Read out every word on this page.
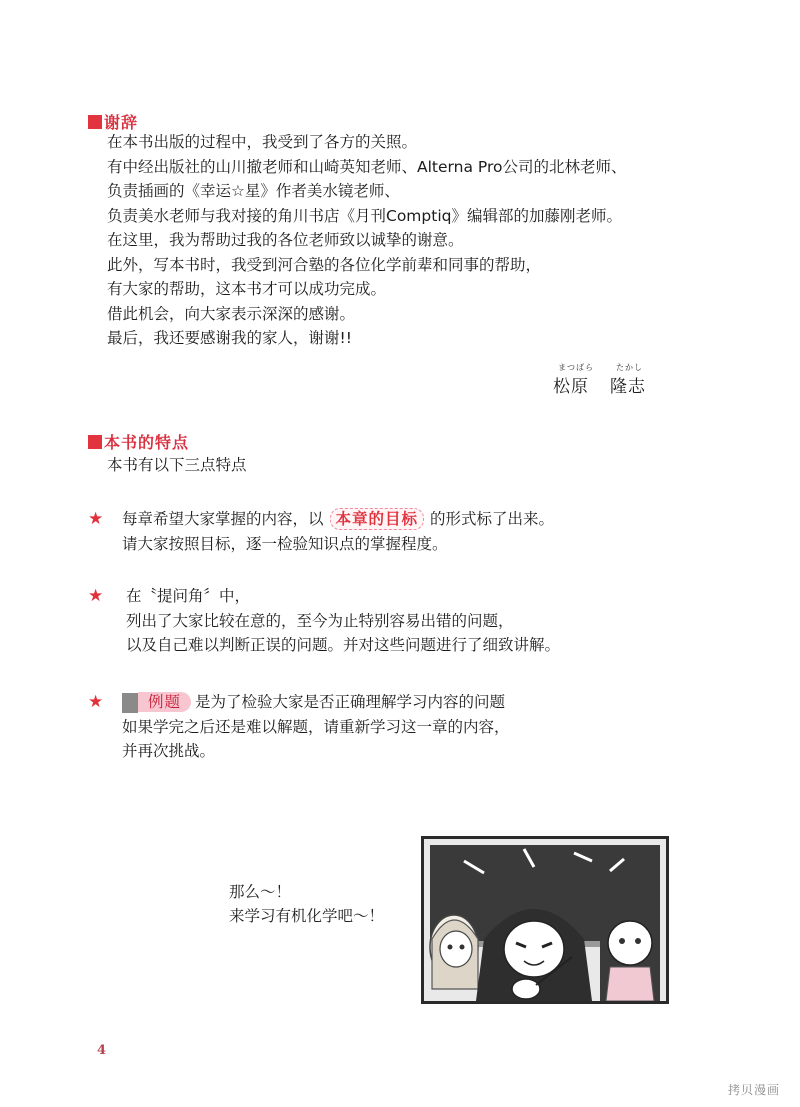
谢辞
在本书出版的过程中，我受到了各方的关照。
有中经出版社的山川撤老师和山崎英知老师、Alterna Pro公司的北林老师、
负责插画的《幸运☆星》作者美水镜老师、
负责美水老师与我对接的角川书店《月刊Comptiq》编辑部的加藤刚老师。
在这里，我为帮助过我的各位老师致以诚挚的谢意。
此外，写本书时，我受到河合塾的各位化学前辈和同事的帮助，
有大家的帮助，这本书才可以成功完成。
借此机会，向大家表示深深的感谢。
最后，我还要感谢我的家人，谢谢!!
まつばら	たかし
松原 隆志
本书的特点
本书有以下三点特点
★ 每章希望大家掌握的内容，以 本章的目标 的形式标了出来。
请大家按照目标，逐一检验知识点的掌握程度。
★ 在〝提问角〞中，
列出了大家比较在意的，至今为止特别容易出错的问题，
以及自己难以判断正误的问题。并对这些问题进行了细致讲解。
★	例题 是为了检验大家是否正确理解学习内容的问题
如果学完之后还是难以解题，请重新学习这一章的内容，
并再次挑战。
那么〜！
来学习有机化学吧〜！
4
拷贝漫画
